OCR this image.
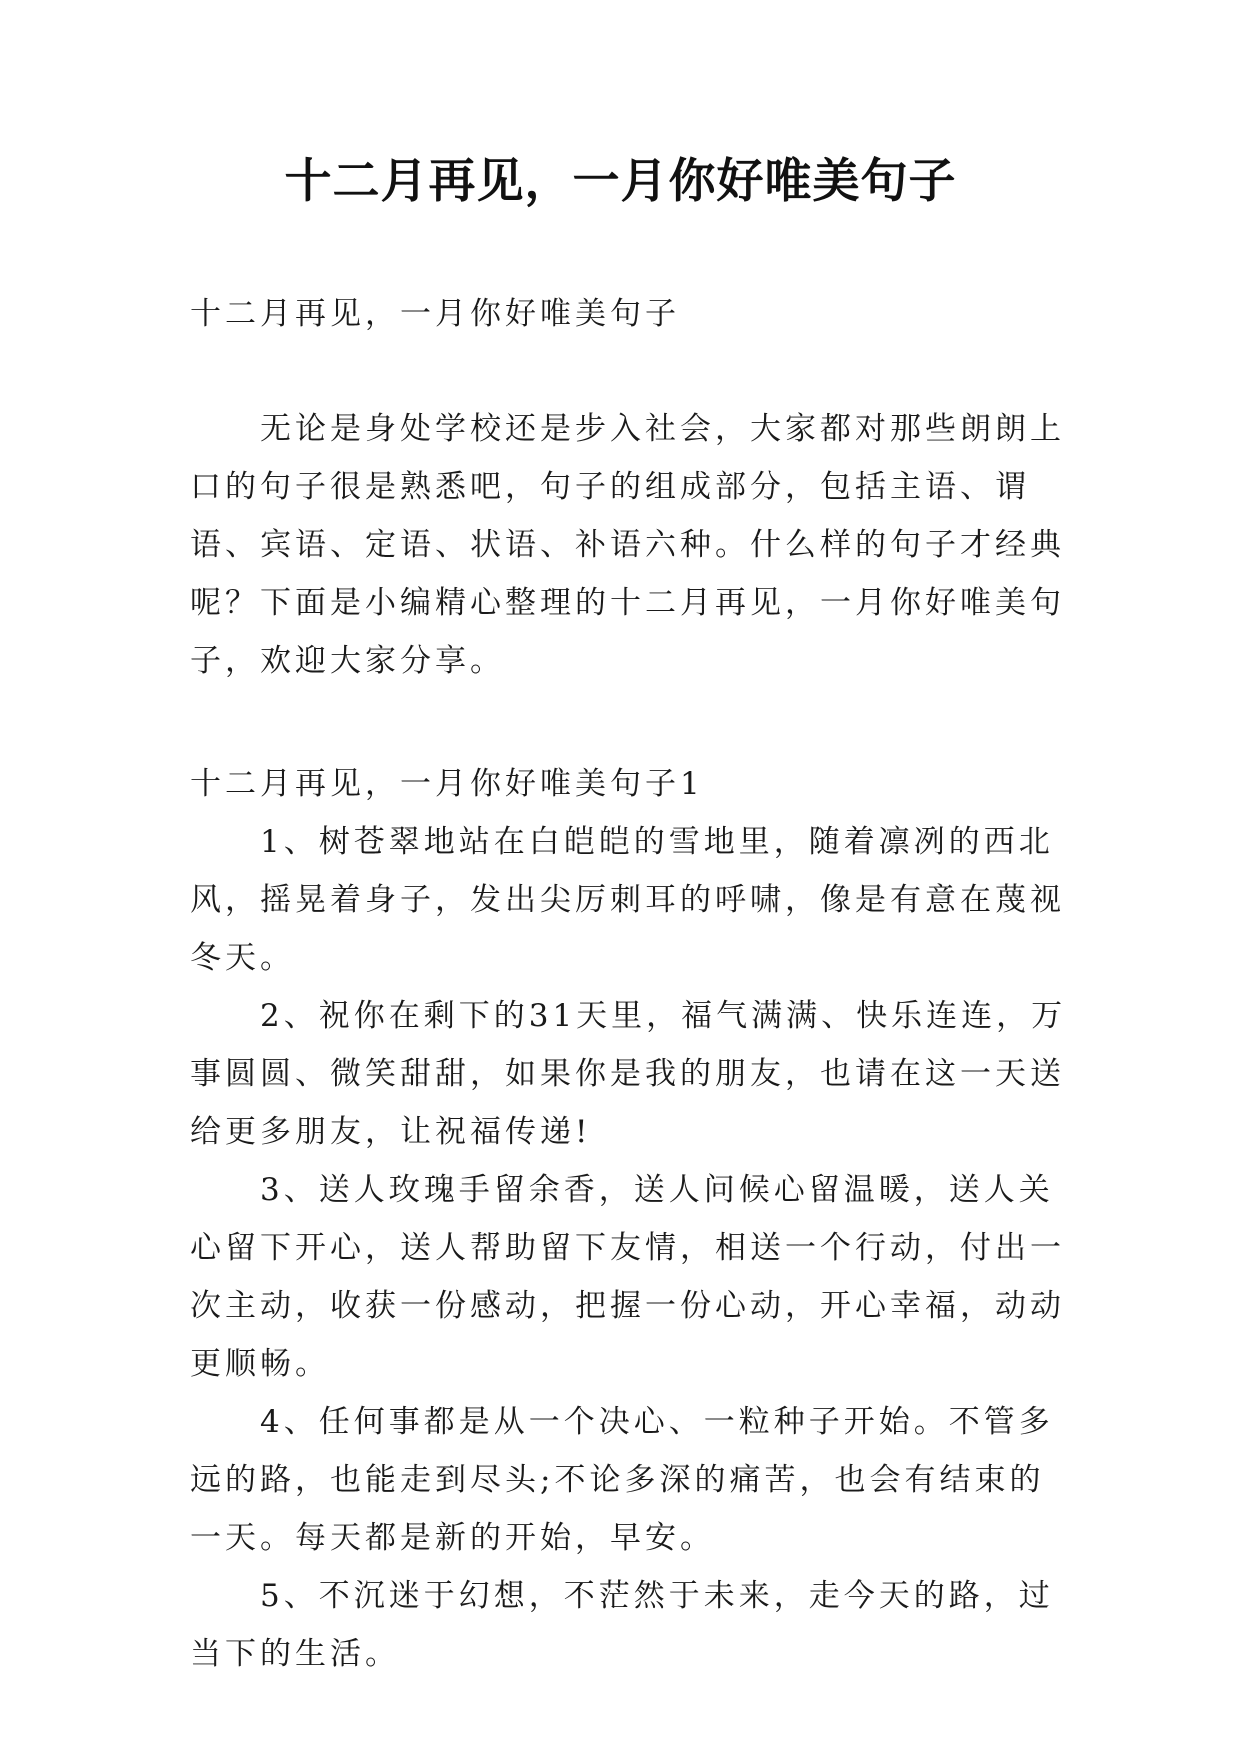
十二月再见，一月你好唯美句子

十二月再见，一月你好唯美句子

无论是身处学校还是步入社会，大家都对那些朗朗上口的句子很是熟悉吧，句子的组成部分，包括主语、谓语、宾语、定语、状语、补语六种。什么样的句子才经典呢？下面是小编精心整理的十二月再见，一月你好唯美句子，欢迎大家分享。

十二月再见，一月你好唯美句子1

1、树苍翠地站在白皑皑的雪地里，随着凛冽的西北风，摇晃着身子，发出尖厉刺耳的呼啸，像是有意在蔑视冬天。

2、祝你在剩下的31天里，福气满满、快乐连连，万事圆圆、微笑甜甜，如果你是我的朋友，也请在这一天送给更多朋友，让祝福传递!

3、送人玫瑰手留余香，送人问候心留温暖，送人关心留下开心，送人帮助留下友情，相送一个行动，付出一次主动，收获一份感动，把握一份心动，开心幸福，动动更顺畅。

4、任何事都是从一个决心、一粒种子开始。不管多远的路，也能走到尽头;不论多深的痛苦，也会有结束的一天。每天都是新的开始，早安。

5、不沉迷于幻想，不茫然于未来，走今天的路，过当下的生活。
